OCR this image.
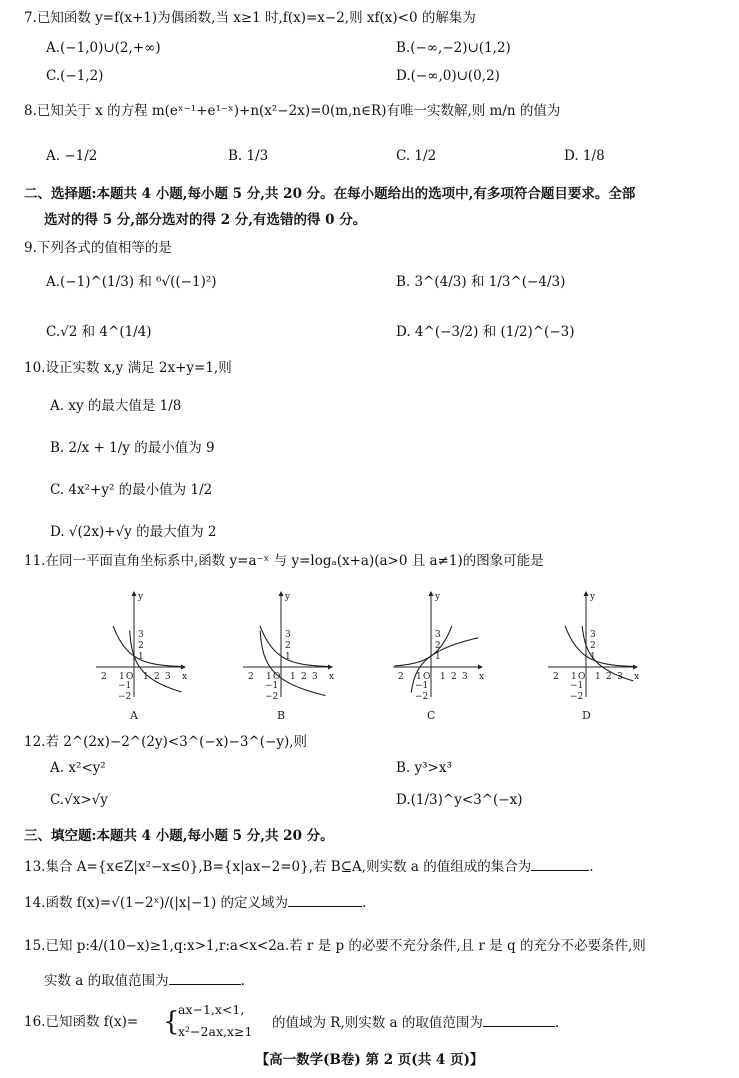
7.已知函数 y=f(x+1)为偶函数,当 x≥1 时,f(x)=x−2,则 xf(x)<0 的解集为
A.(−1,0)∪(2,+∞)	B.(−∞,−2)∪(1,2)
C.(−1,2)	D.(−∞,0)∪(0,2)
8.已知关于 x 的方程 m(eˣ⁻¹+e¹⁻ˣ)+n(x²−2x)=0(m,n∈R)有唯一实数解,则 m/n 的值为
A. −1/2	B. 1/3	C. 1/2	D. 1/8
二、选择题:本题共 4 小题,每小题 5 分,共 20 分。在每小题给出的选项中,有多项符合题目要求。全部
选对的得 5 分,部分选对的得 2 分,有选错的得 0 分。
9.下列各式的值相等的是
A.(−1)^(1/3) 和 ⁶√((−1)²)	B. 3^(4/3) 和 1/3^(−4/3)
C.√2 和 4^(1/4)	D. 4^(−3/2) 和 (1/2)^(−3)
10.设正实数 x,y 满足 2x+y=1,则
A. xy 的最大值是 1/8
B. 2/x + 1/y 的最小值为 9
C. 4x²+y² 的最小值为 1/2
D. √(2x)+√y 的最大值为 2
11.在同一平面直角坐标系中,函数 y=a⁻ˣ 与 y=logₐ(x+a)(a>0 且 a≠1)的图象可能是
2 1 O 1 2 3 x
y
3
2
1
−1
−2
A
2 1 O 1 2 3 x
y
3
2
1
−1
−2
B
2 1 O 1 2 3 x
y
3
2
1
−1
−2
C
2 1 O 1 2 3 x
y
3
2
1
−1
−2
D
12.若 2^(2x)−2^(2y)<3^(−x)−3^(−y),则
A. x²<y²	B. y³>x³
C.√x>√y	D.(1/3)^y<3^(−x)
三、填空题:本题共 4 小题,每小题 5 分,共 20 分。
13.集合 A={x∈Z|x²−x≤0},B={x|ax−2=0},若 B⊆A,则实数 a 的值组成的集合为	.
14.函数 f(x)=√(1−2ˣ)/(|x|−1) 的定义域为	.
15.已知 p:4/(10−x)≥1,q:x>1,r:a<x<2a.若 r 是 p 的必要不充分条件,且 r 是 q 的充分不必要条件,则
实数 a 的取值范围为	.
16.已知函数 f(x)= {
ax−1,x<1,
x²−2ax,x≥1
的值域为 R,则实数 a 的取值范围为	.
【高一数学(B卷) 第 2 页(共 4 页)】
